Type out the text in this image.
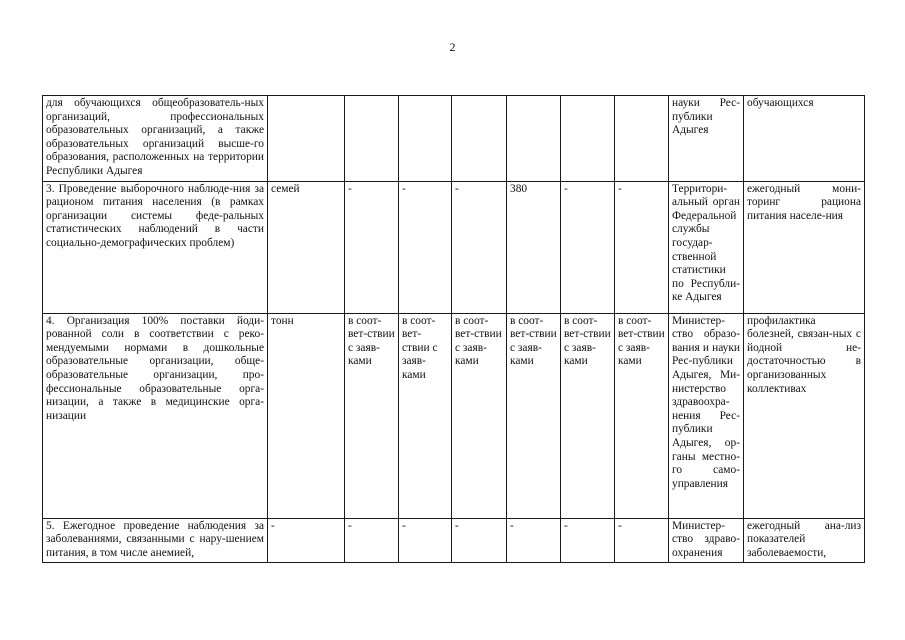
2
для обучающихся общеобразователь-ных организаций, профессиональных образовательных организаций, а также образовательных организаций высше-го образования, расположенных на территории Республики Адыгея								науки Рес-публики Адыгея	обучающихся
3. Проведение выборочного наблюде-ния за рационом питания населения (в рамках организации системы феде-ральных статистических наблюдений в части социально-демографических проблем)	семей	-	-	-	380	-	-	Территори-альный орган Федеральной службы государ-ственной статистики по Республи-ке Адыгея	ежегодный мони-торинг рациона питания населе-ния
4. Организация 100% поставки йоди-рованной соли в соответствии с реко-мендуемыми нормами в дошкольные образовательные организации, обще-образовательные организации, про-фессиональные образовательные орга-низации, а также в медицинские орга-низации	тонн	в соот-вет-ствии с заяв-ками	в соот-вет-ствии с заяв-ками	в соот-вет-ствии с заяв-ками	в соот-вет-ствии с заяв-ками	в соот-вет-ствии с заяв-ками	в соот-вет-ствии с заяв-ками	Министер-ство образо-вания и науки Рес-публики Адыгея, Ми-нистерство здравоохра-нения Рес-публики Адыгея, ор-ганы местно-го само-управления	профилактика болезней, связан-ных с йодной не-достаточностью в организованных коллективах

5. Ежегодное проведение наблюдения за заболеваниями, связанными с нару-шением питания, в том числе анемией,	-	-	-	-	-	-	-	Министер-ство здраво-охранения	ежегодный ана-лиз показателей заболеваемости,
